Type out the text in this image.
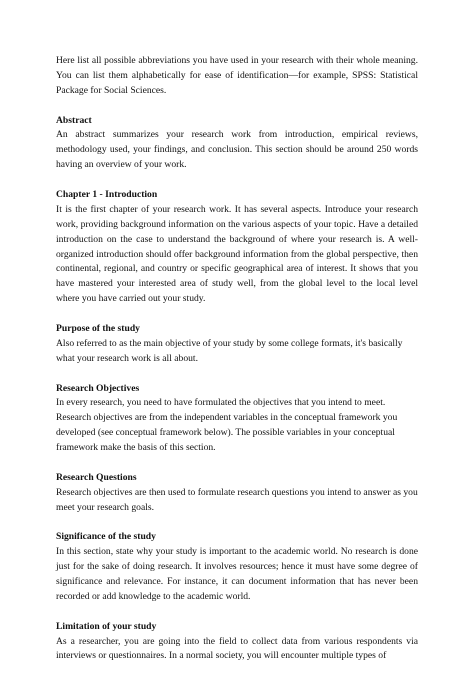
Here list all possible abbreviations you have used in your research with their whole meaning. You can list them alphabetically for ease of identification—for example, SPSS: Statistical Package for Social Sciences.

Abstract

An abstract summarizes your research work from introduction, empirical reviews, methodology used, your findings, and conclusion. This section should be around 250 words having an overview of your work.

Chapter 1 - Introduction

It is the first chapter of your research work. It has several aspects. Introduce your research work, providing background information on the various aspects of your topic. Have a detailed introduction on the case to understand the background of where your research is. A well-organized introduction should offer background information from the global perspective, then continental, regional, and country or specific geographical area of interest. It shows that you have mastered your interested area of study well, from the global level to the local level where you have carried out your study.

Purpose of the study

Also referred to as the main objective of your study by some college formats, it's basically what your research work is all about.

Research Objectives

In every research, you need to have formulated the objectives that you intend to meet. Research objectives are from the independent variables in the conceptual framework you developed (see conceptual framework below). The possible variables in your conceptual framework make the basis of this section.

Research Questions

Research objectives are then used to formulate research questions you intend to answer as you meet your research goals.

Significance of the study

In this section, state why your study is important to the academic world. No research is done just for the sake of doing research. It involves resources; hence it must have some degree of significance and relevance. For instance, it can document information that has never been recorded or add knowledge to the academic world.

Limitation of your study

As a researcher, you are going into the field to collect data from various respondents via interviews or questionnaires. In a normal society, you will encounter multiple types of
